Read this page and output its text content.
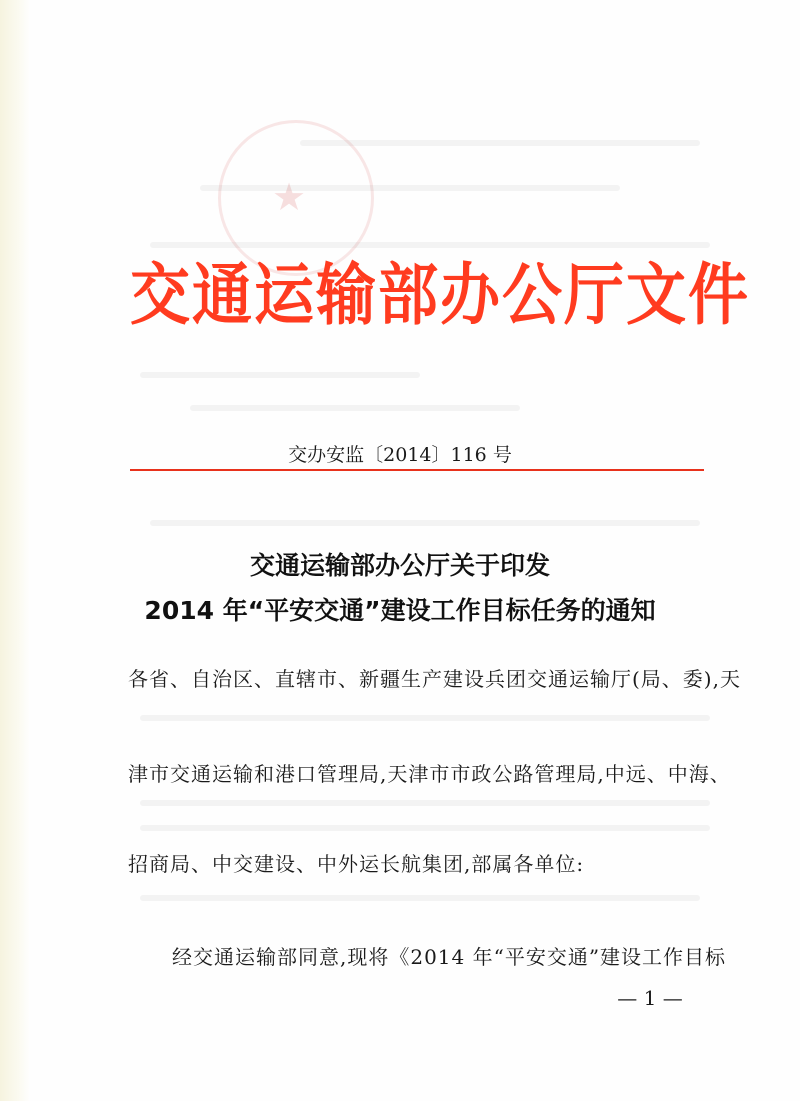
★
交通运输部办公厅文件
交办安监〔2014〕116 号
交通运输部办公厅关于印发
2014 年“平安交通”建设工作目标任务的通知
各省、自治区、直辖市、新疆生产建设兵团交通运输厅(局、委),天
津市交通运输和港口管理局,天津市市政公路管理局,中远、中海、
招商局、中交建设、中外运长航集团,部属各单位:
经交通运输部同意,现将《2014 年“平安交通”建设工作目标
— 1 —
